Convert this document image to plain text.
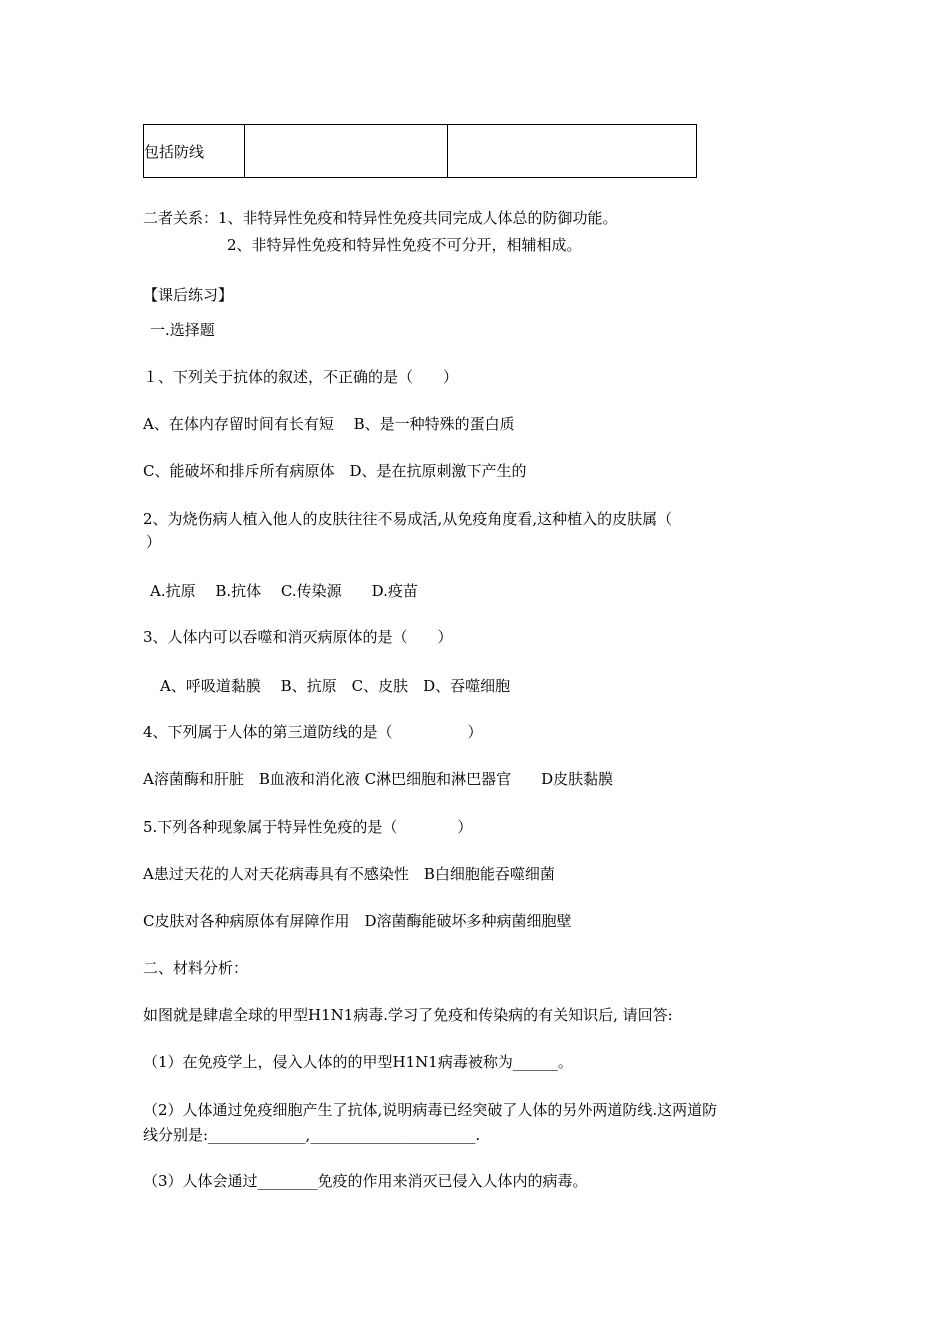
包括防线		
二者关系：1、非特异性免疫和特异性免疫共同完成人体总的防御功能。
2、非特异性免疫和特异性免疫不可分开，相辅相成。
【课后练习】
一.选择题
１、下列关于抗体的叙述，不正确的是（　　）
A、在体内存留时间有长有短　 B、是一种特殊的蛋白质
C、能破坏和排斥所有病原体　D、是在抗原刺激下产生的
2、为烧伤病人植入他人的皮肤往往不易成活,从免疫角度看,这种植入的皮肤属（
）
A.抗原　 B.抗体　 C.传染源　　D.疫苗
3、人体内可以吞噬和消灭病原体的是（　　）
A、呼吸道黏膜　 B、抗原　C、皮肤　D、吞噬细胞
4、下列属于人体的第三道防线的是（　　　　　）
A溶菌酶和肝脏　B血液和消化液 C淋巴细胞和淋巴器官　　D皮肤黏膜
5.下列各种现象属于特异性免疫的是（　　　　）
A患过天花的人对天花病毒具有不感染性　B白细胞能吞噬细菌
C皮肤对各种病原体有屏障作用　D溶菌酶能破坏多种病菌细胞壁
二、材料分析：
如图就是肆虐全球的甲型H1N1病毒.学习了免疫和传染病的有关知识后, 请回答:
（1）在免疫学上，侵入人体的的甲型H1N1病毒被称为______。
（2）人体通过免疫细胞产生了抗体,说明病毒已经突破了人体的另外两道防线.这两道防
线分别是:_____________,______________________.
（3）人体会通过________免疫的作用来消灭已侵入人体内的病毒。
